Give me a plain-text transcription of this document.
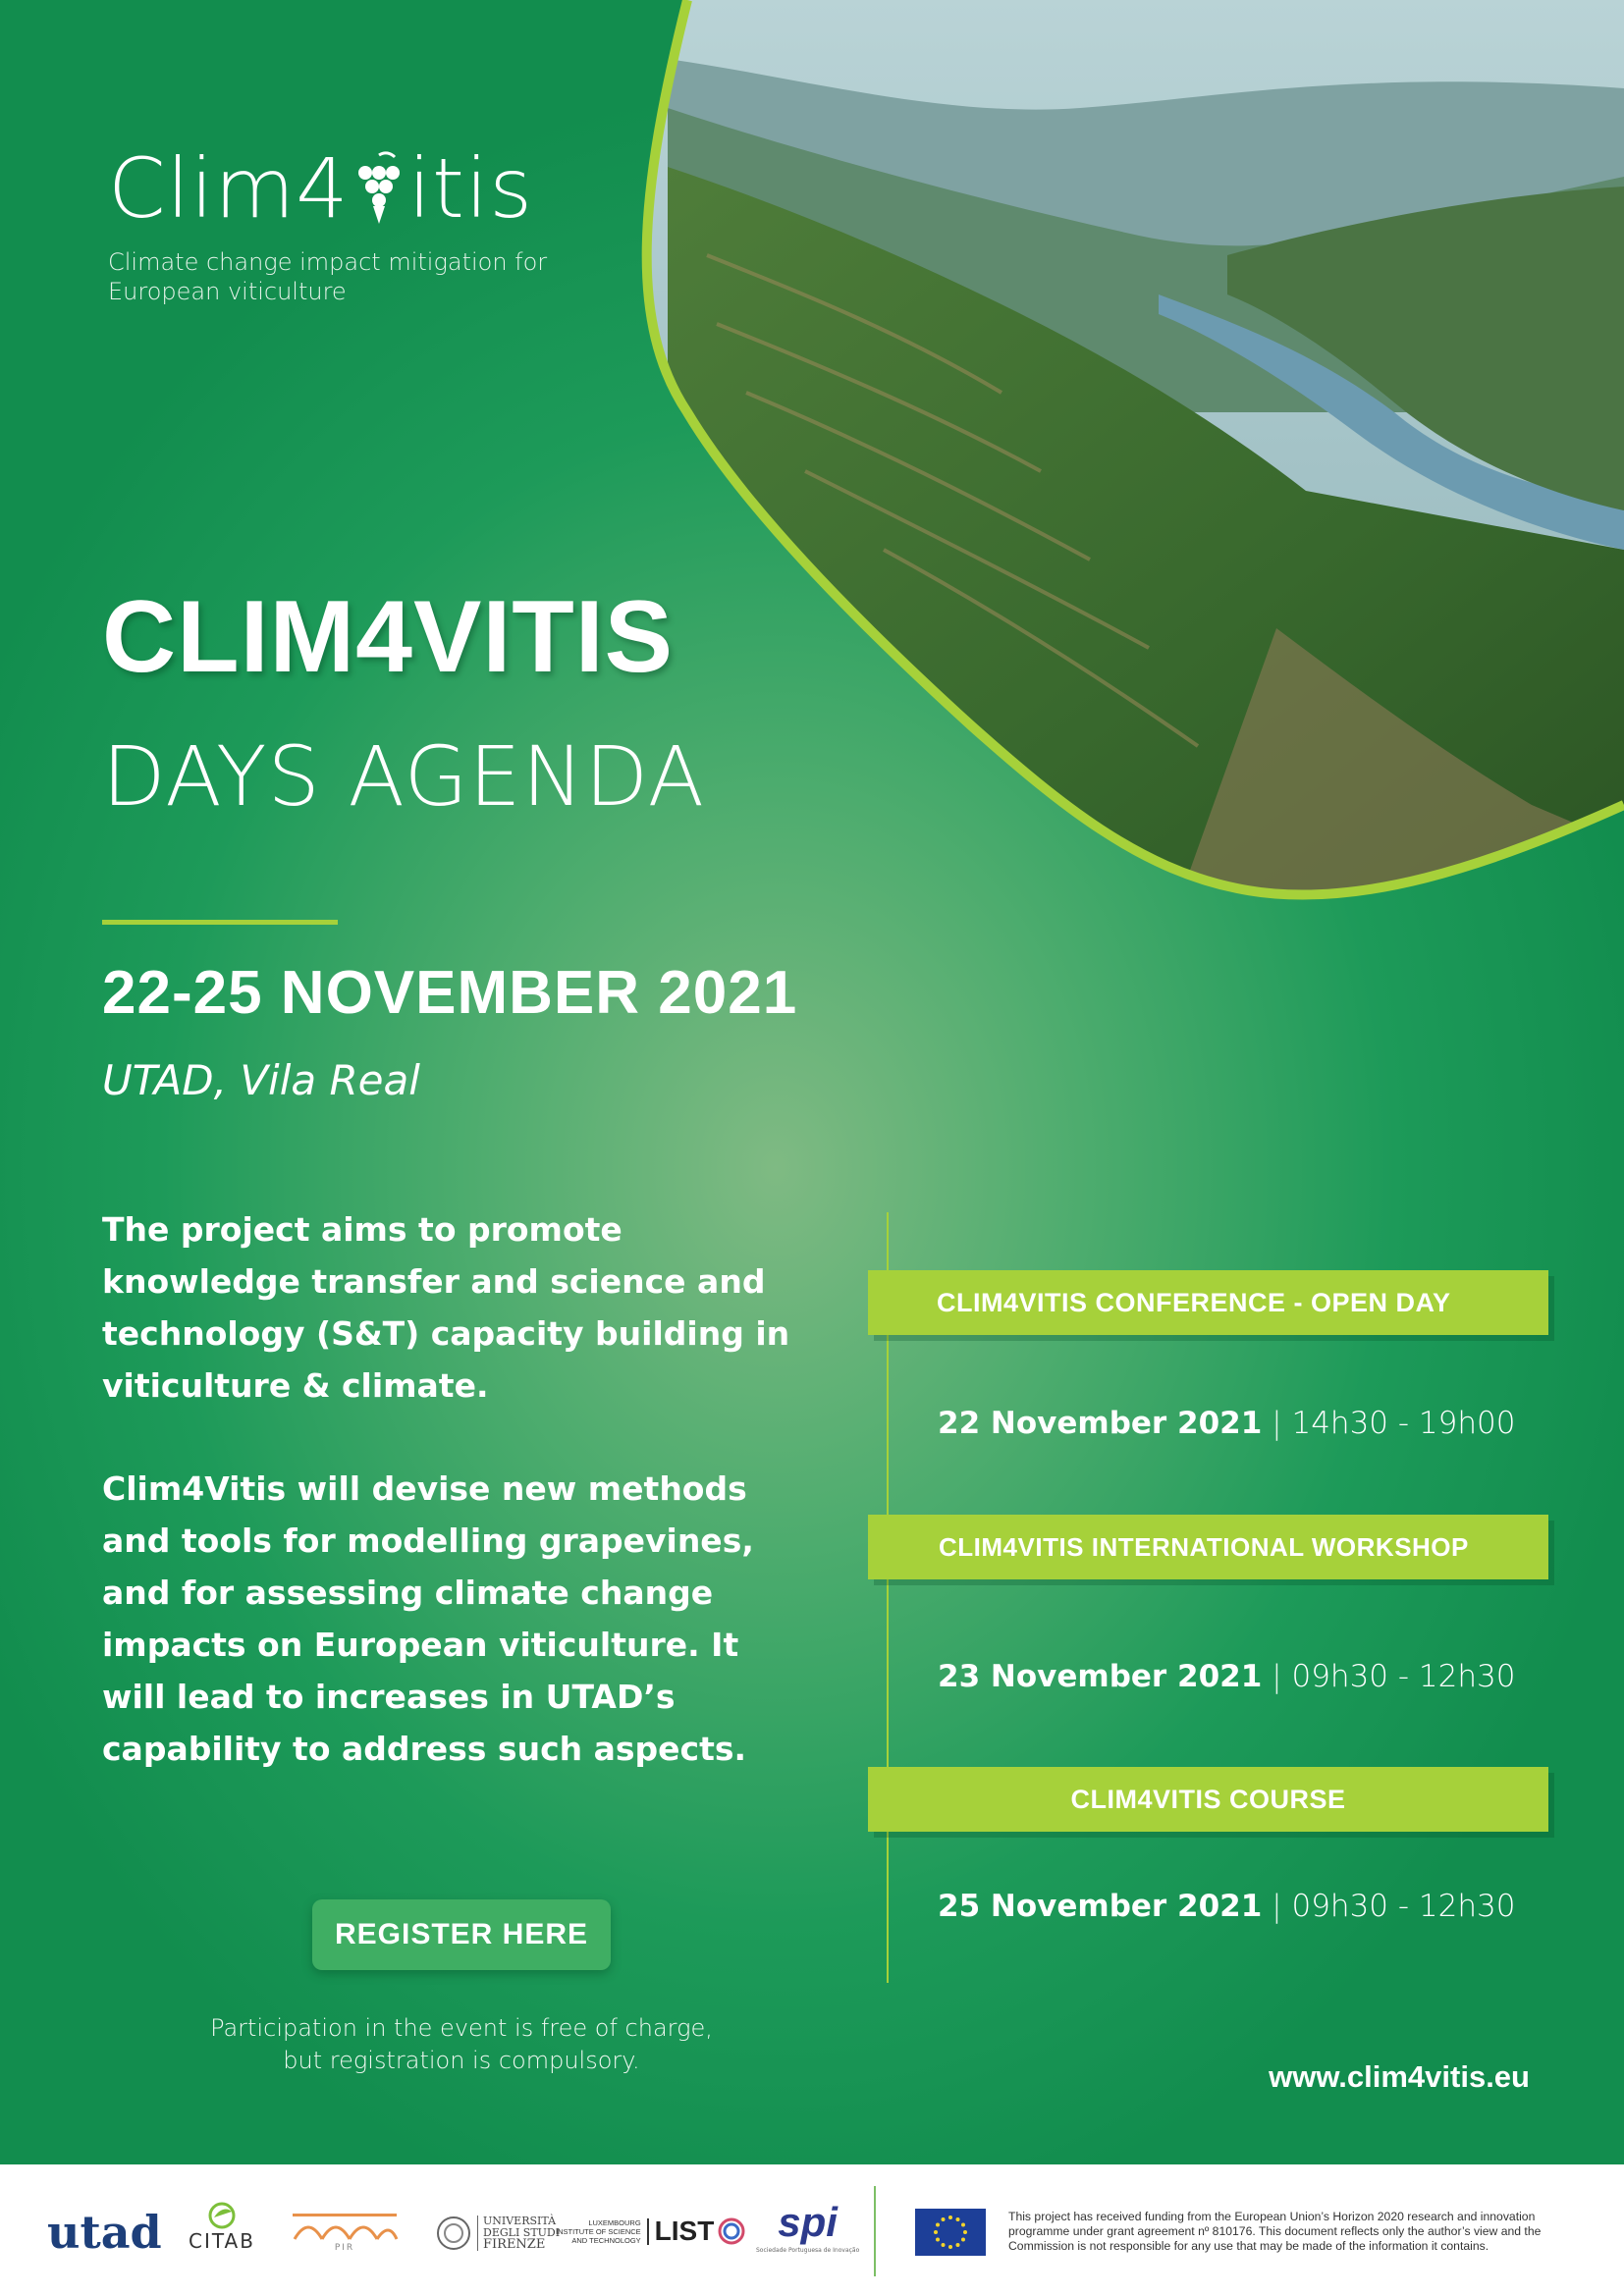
Clim4 itis
Climate change impact mitigation for European viticulture
CLIM4VITIS
DAYS AGENDA
22-25 NOVEMBER 2021
UTAD, Vila Real

The project aims to promote knowledge transfer and science and technology (S&T) capacity building in viticulture & climate.

Clim4Vitis will devise new methods and tools for modelling grapevines, and for assessing climate change impacts on European viticulture. It will lead to increases in UTAD’s capability to address such aspects.

REGISTER HERE

Participation in the event is free of charge, but registration is compulsory.

CLIM4VITIS CONFERENCE - OPEN DAY
22 November 2021 | 14h30 - 19h00
CLIM4VITIS INTERNATIONAL WORKSHOP
23 November 2021 | 09h30 - 12h30
CLIM4VITIS COURSE
25 November 2021 | 09h30 - 12h30
www.clim4vitis.eu
utad CITAB	PIR
UNIVERSITÀ
DEGLI STUDI
FIRENZE
LUXEMBOURG
INSTITUTE OF SCIENCE
AND TECHNOLOGY LIST spi
Sociedade Portuguesa de Inovação

This project has received funding from the European Union’s Horizon 2020 research and innovation programme under grant agreement nº 810176. This document reflects only the author’s view and the Commission is not responsible for any use that may be made of the information it contains.
